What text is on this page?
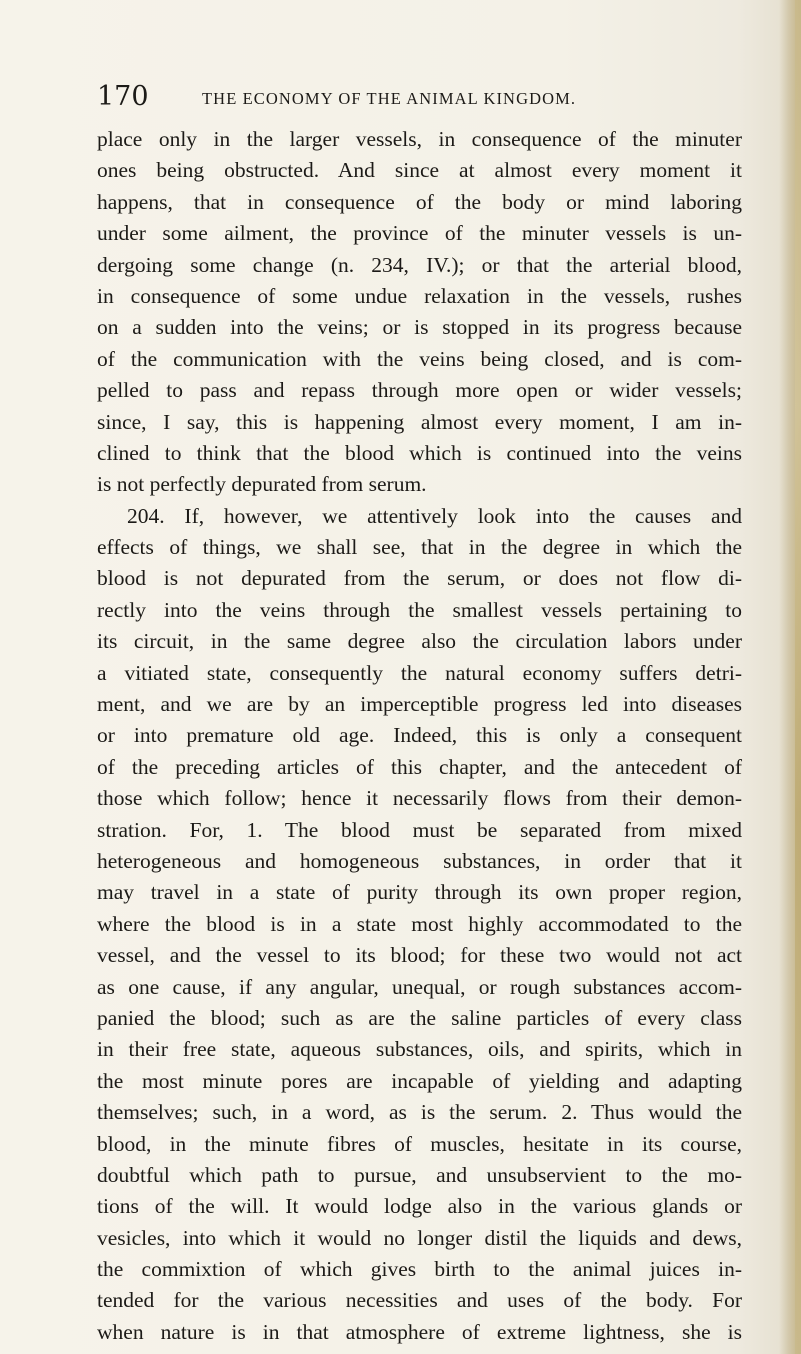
170	THE ECONOMY OF THE ANIMAL KINGDOM.
place only in the larger vessels, in consequence of the minuter
ones being obstructed. And since at almost every moment it
happens, that in consequence of the body or mind laboring
under some ailment, the province of the minuter vessels is un-
dergoing some change (n. 234, IV.); or that the arterial blood,
in consequence of some undue relaxation in the vessels, rushes
on a sudden into the veins; or is stopped in its progress because
of the communication with the veins being closed, and is com-
pelled to pass and repass through more open or wider vessels;
since, I say, this is happening almost every moment, I am in-
clined to think that the blood which is continued into the veins
is not perfectly depurated from serum.
204. If, however, we attentively look into the causes and
effects of things, we shall see, that in the degree in which the
blood is not depurated from the serum, or does not flow di-
rectly into the veins through the smallest vessels pertaining to
its circuit, in the same degree also the circulation labors under
a vitiated state, consequently the natural economy suffers detri-
ment, and we are by an imperceptible progress led into diseases
or into premature old age. Indeed, this is only a consequent
of the preceding articles of this chapter, and the antecedent of
those which follow; hence it necessarily flows from their demon-
stration. For, 1. The blood must be separated from mixed
heterogeneous and homogeneous substances, in order that it
may travel in a state of purity through its own proper region,
where the blood is in a state most highly accommodated to the
vessel, and the vessel to its blood; for these two would not act
as one cause, if any angular, unequal, or rough substances accom-
panied the blood; such as are the saline particles of every class
in their free state, aqueous substances, oils, and spirits, which in
the most minute pores are incapable of yielding and adapting
themselves; such, in a word, as is the serum. 2. Thus would the
blood, in the minute fibres of muscles, hesitate in its course,
doubtful which path to pursue, and unsubservient to the mo-
tions of the will. It would lodge also in the various glands or
vesicles, into which it would no longer distil the liquids and dews,
the commixtion of which gives birth to the animal juices in-
tended for the various necessities and uses of the body. For
when nature is in that atmosphere of extreme lightness, she is
